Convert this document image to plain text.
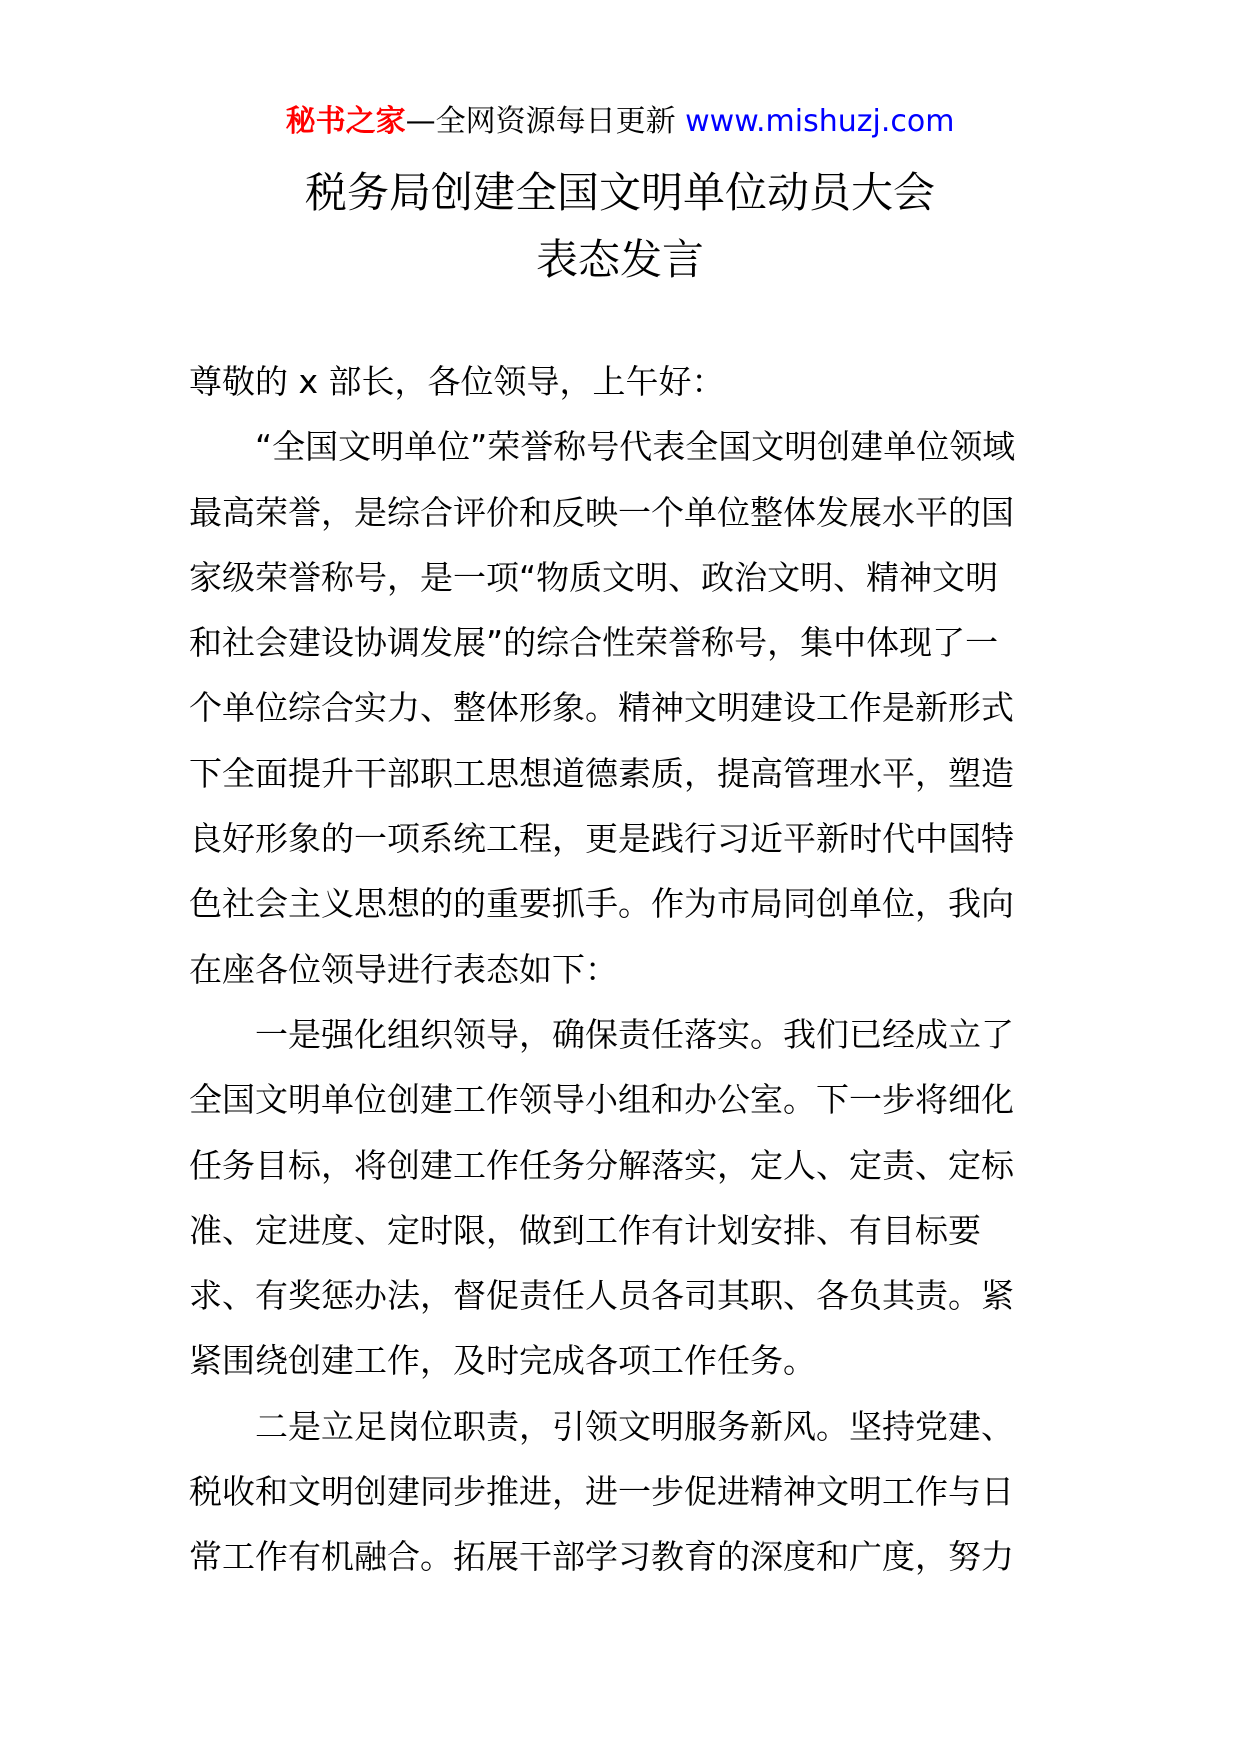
秘书之家—全网资源每日更新 www.mishuzj.com
税务局创建全国文明单位动员大会
表态发言
尊敬的 x 部长，各位领导，上午好：
“全国文明单位”荣誉称号代表全国文明创建单位领域
最高荣誉，是综合评价和反映一个单位整体发展水平的国
家级荣誉称号，是一项“物质文明、政治文明、精神文明
和社会建设协调发展”的综合性荣誉称号，集中体现了一
个单位综合实力、整体形象。精神文明建设工作是新形式
下全面提升干部职工思想道德素质，提高管理水平，塑造
良好形象的一项系统工程，更是践行习近平新时代中国特
色社会主义思想的的重要抓手。作为市局同创单位，我向
在座各位领导进行表态如下：
一是强化组织领导，确保责任落实。我们已经成立了
全国文明单位创建工作领导小组和办公室。下一步将细化
任务目标，将创建工作任务分解落实，定人、定责、定标
准、定进度、定时限，做到工作有计划安排、有目标要
求、有奖惩办法，督促责任人员各司其职、各负其责。紧
紧围绕创建工作，及时完成各项工作任务。
二是立足岗位职责，引领文明服务新风。坚持党建、
税收和文明创建同步推进，进一步促进精神文明工作与日
常工作有机融合。拓展干部学习教育的深度和广度，努力
